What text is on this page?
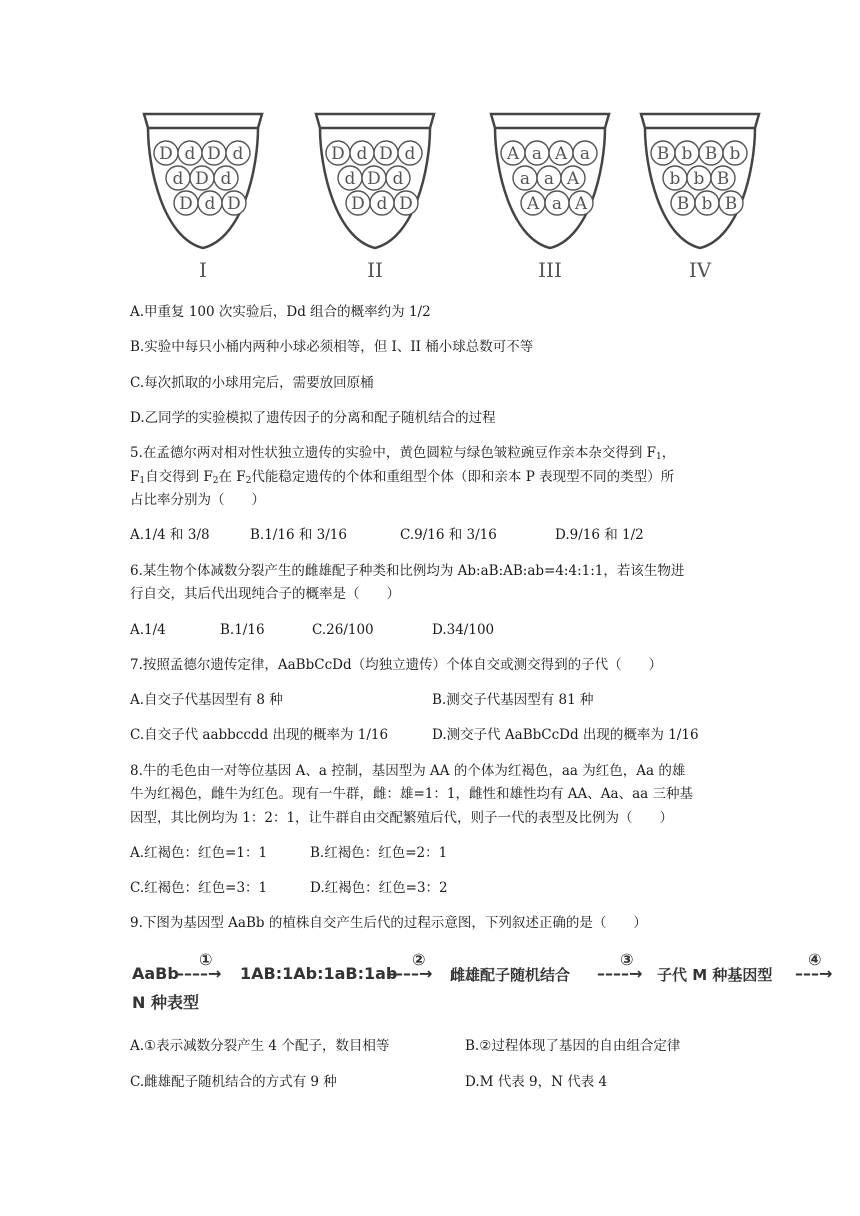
D d D d
d D d
D d D
I
D d D d
d D d
D d D
II
A a A a
a a A
A a A
III
B b B b
b b B
B b B
IV
A.甲重复 100 次实验后，Dd 组合的概率约为 1/2
B.实验中每只小桶内两种小球必须相等，但 I、II 桶小球总数可不等
C.每次抓取的小球用完后，需要放回原桶
D.乙同学的实验模拟了遗传因子的分离和配子随机结合的过程
5.在孟德尔两对相对性状独立遗传的实验中，黄色圆粒与绿色皱粒豌豆作亲本杂交得到 $F_1$，
$F_1$自交得到 $F_2$在 $F_2$代能稳定遗传的个体和重组型个体（即和亲本 P 表现型不同的类型）所
占比率分别为（　　）
A.1/4 和 3/8	B.1/16 和 3/16	C.9/16 和 3/16	D.9/16 和 1/2
6.某生物个体减数分裂产生的雌雄配子种类和比例均为 Ab:aB:AB:ab=4:4:1:1，若该生物进
行自交，其后代出现纯合子的概率是（　　）
A.1/4	B.1/16	C.26/100	D.34/100
7.按照孟德尔遗传定律，AaBbCcDd（均独立遗传）个体自交或测交得到的子代（　　）
A.自交子代基因型有 8 种	B.测交子代基因型有 81 种
C.自交子代 aabbccdd 出现的概率为 1/16	D.测交子代 AaBbCcDd 出现的概率为 1/16
8.牛的毛色由一对等位基因 A、a 控制，基因型为 AA 的个体为红褐色，aa 为红色，Aa 的雄
牛为红褐色，雌牛为红色。现有一牛群，雌：雄=1：1，雌性和雄性均有 AA、Aa、aa 三种基
因型，其比例均为 1：2：1，让牛群自由交配繁殖后代，则子一代的表型及比例为（　　）
A.红褐色：红色=1：1	B.红褐色：红色=2：1
C.红褐色：红色=3：1	D.红褐色：红色=3：2
9.下图为基因型 AaBb 的植株自交产生后代的过程示意图，下列叙述正确的是（　　）
AaBb
––––→
①
1AB:1Ab:1aB:1ab
––––→
②
雌雄配子随机结合 ––––→
③
子代 M 种基因型 –––→
④
N 种表型
A.①表示减数分裂产生 4 个配子，数目相等	B.②过程体现了基因的自由组合定律
C.雌雄配子随机结合的方式有 9 种	D.M 代表 9，N 代表 4
